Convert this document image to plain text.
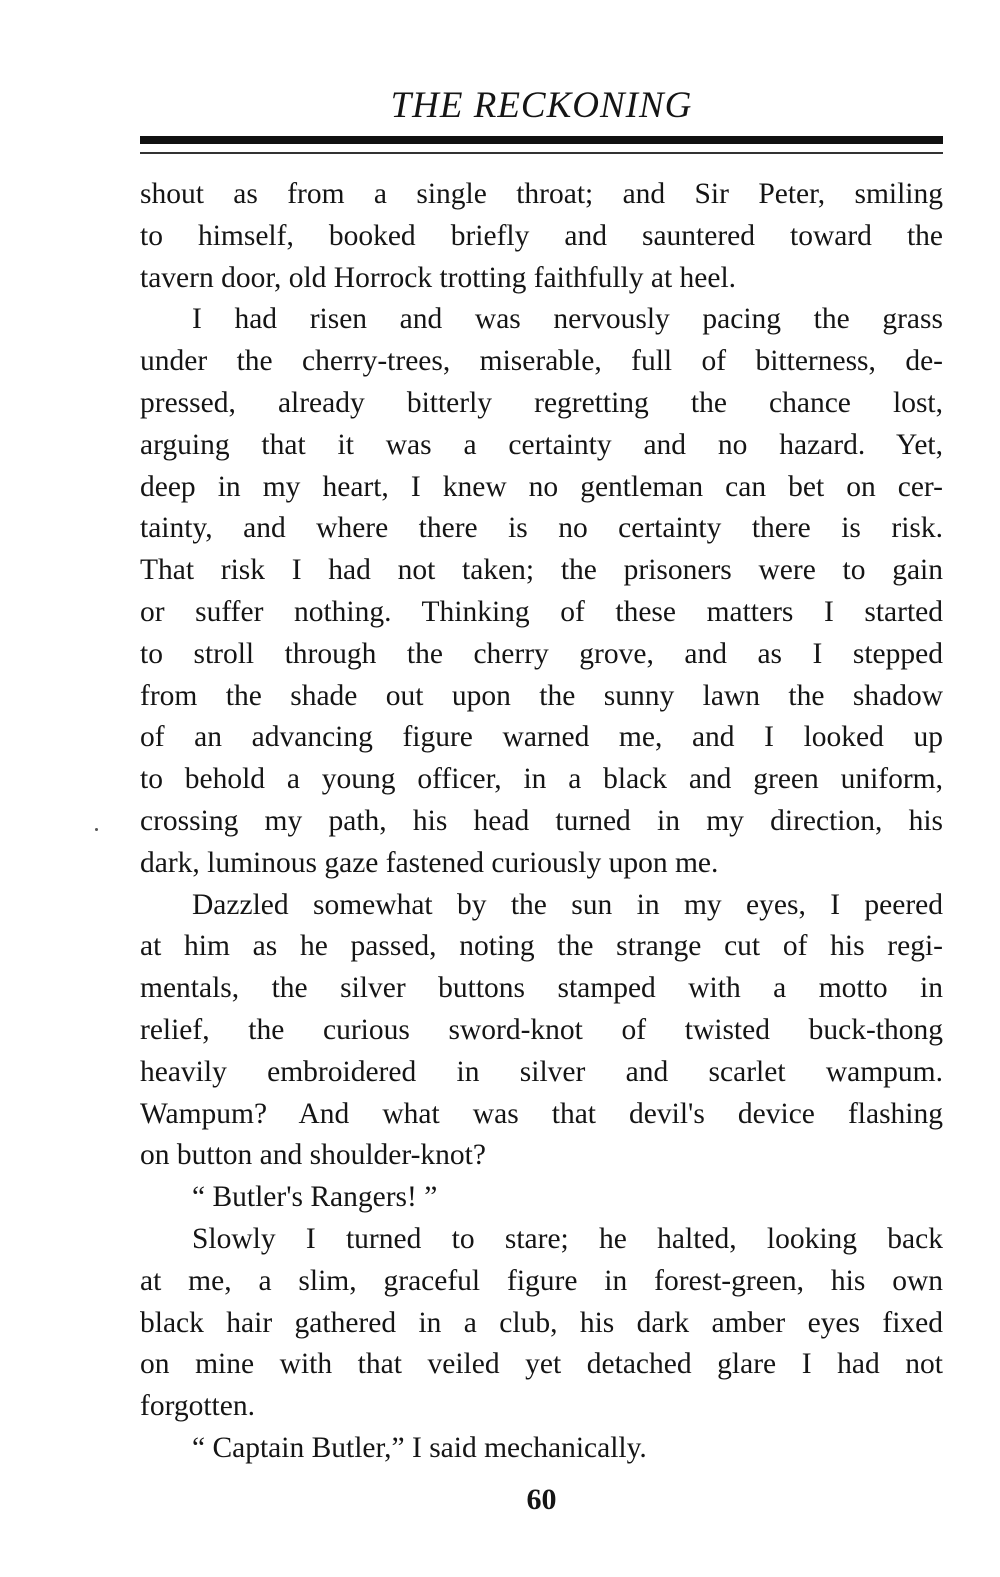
THE RECKONING
shout as from a single throat; and Sir Peter, smiling
to himself, booked briefly and sauntered toward the
tavern door, old Horrock trotting faithfully at heel.
I had risen and was nervously pacing the grass
under the cherry-trees, miserable, full of bitterness, de-
pressed, already bitterly regretting the chance lost,
arguing that it was a certainty and no hazard. Yet,
deep in my heart, I knew no gentleman can bet on cer-
tainty, and where there is no certainty there is risk.
That risk I had not taken; the prisoners were to gain
or suffer nothing. Thinking of these matters I started
to stroll through the cherry grove, and as I stepped
from the shade out upon the sunny lawn the shadow
of an advancing figure warned me, and I looked up
to behold a young officer, in a black and green uniform,
crossing my path, his head turned in my direction, his
dark, luminous gaze fastened curiously upon me.
Dazzled somewhat by the sun in my eyes, I peered
at him as he passed, noting the strange cut of his regi-
mentals, the silver buttons stamped with a motto in
relief, the curious sword-knot of twisted buck-thong
heavily embroidered in silver and scarlet wampum.
Wampum? And what was that devil's device flashing
on button and shoulder-knot?
“ Butler's Rangers! ”
Slowly I turned to stare; he halted, looking back
at me, a slim, graceful figure in forest-green, his own
black hair gathered in a club, his dark amber eyes fixed
on mine with that veiled yet detached glare I had not
forgotten.
“ Captain Butler,” I said mechanically.
60
